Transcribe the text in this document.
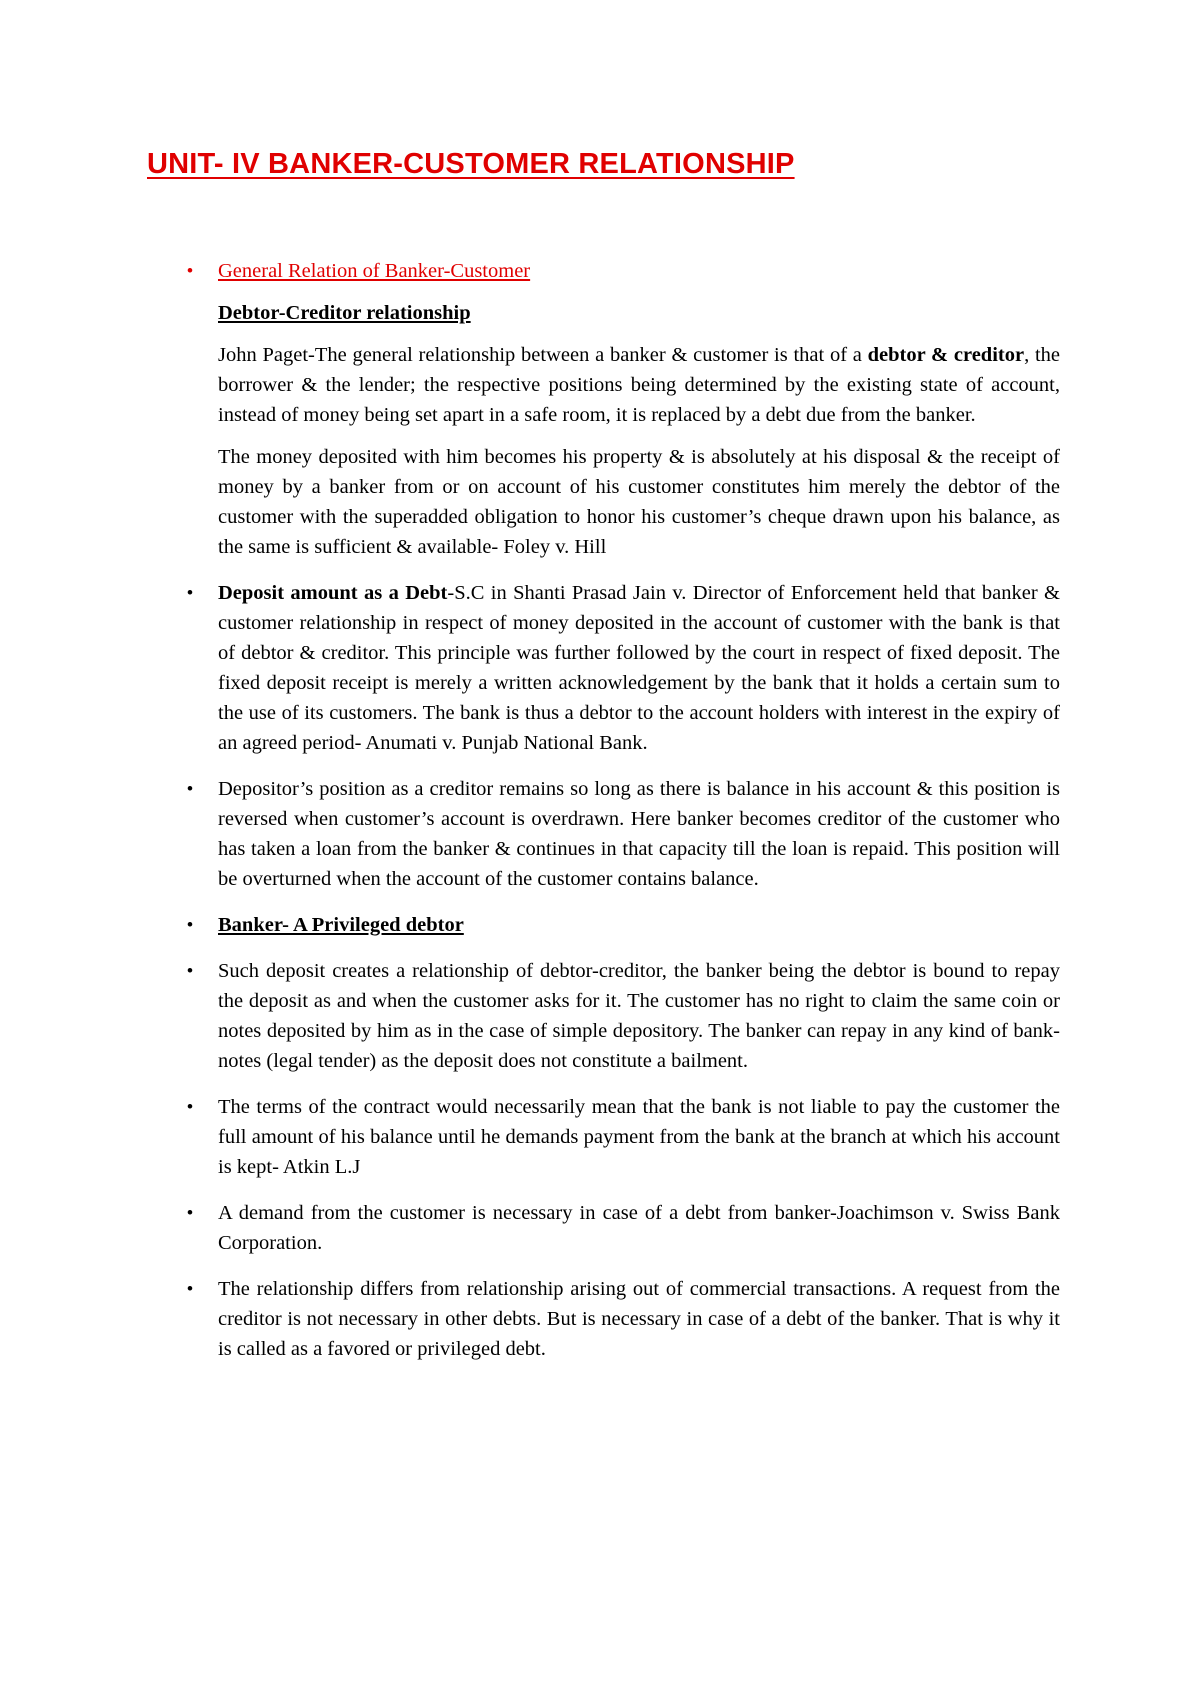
UNIT- IV BANKER-CUSTOMER RELATIONSHIP

• General Relation of Banker-Customer

Debtor-Creditor relationship

John Paget-The general relationship between a banker & customer is that of a debtor & creditor, the borrower & the lender; the respective positions being determined by the existing state of account, instead of money being set apart in a safe room, it is replaced by a debt due from the banker.

The money deposited with him becomes his property & is absolutely at his disposal & the receipt of money by a banker from or on account of his customer constitutes him merely the debtor of the customer with the superadded obligation to honor his customer’s cheque drawn upon his balance, as the same is sufficient & available- Foley v. Hill

• Deposit amount as a Debt-S.C in Shanti Prasad Jain v. Director of Enforcement held that banker & customer relationship in respect of money deposited in the account of customer with the bank is that of debtor & creditor. This principle was further followed by the court in respect of fixed deposit. The fixed deposit receipt is merely a written acknowledgement by the bank that it holds a certain sum to the use of its customers. The bank is thus a debtor to the account holders with interest in the expiry of an agreed period- Anumati v. Punjab National Bank.

• Depositor’s position as a creditor remains so long as there is balance in his account & this position is reversed when customer’s account is overdrawn. Here banker becomes creditor of the customer who has taken a loan from the banker & continues in that capacity till the loan is repaid. This position will be overturned when the account of the customer contains balance.

• Banker- A Privileged debtor

• Such deposit creates a relationship of debtor-creditor, the banker being the debtor is bound to repay the deposit as and when the customer asks for it. The customer has no right to claim the same coin or notes deposited by him as in the case of simple depository. The banker can repay in any kind of bank-notes (legal tender) as the deposit does not constitute a bailment.

• The terms of the contract would necessarily mean that the bank is not liable to pay the customer the full amount of his balance until he demands payment from the bank at the branch at which his account is kept- Atkin L.J

• A demand from the customer is necessary in case of a debt from banker-Joachimson v. Swiss Bank Corporation.

• The relationship differs from relationship arising out of commercial transactions. A request from the creditor is not necessary in other debts. But is necessary in case of a debt of the banker. That is why it is called as a favored or privileged debt.
